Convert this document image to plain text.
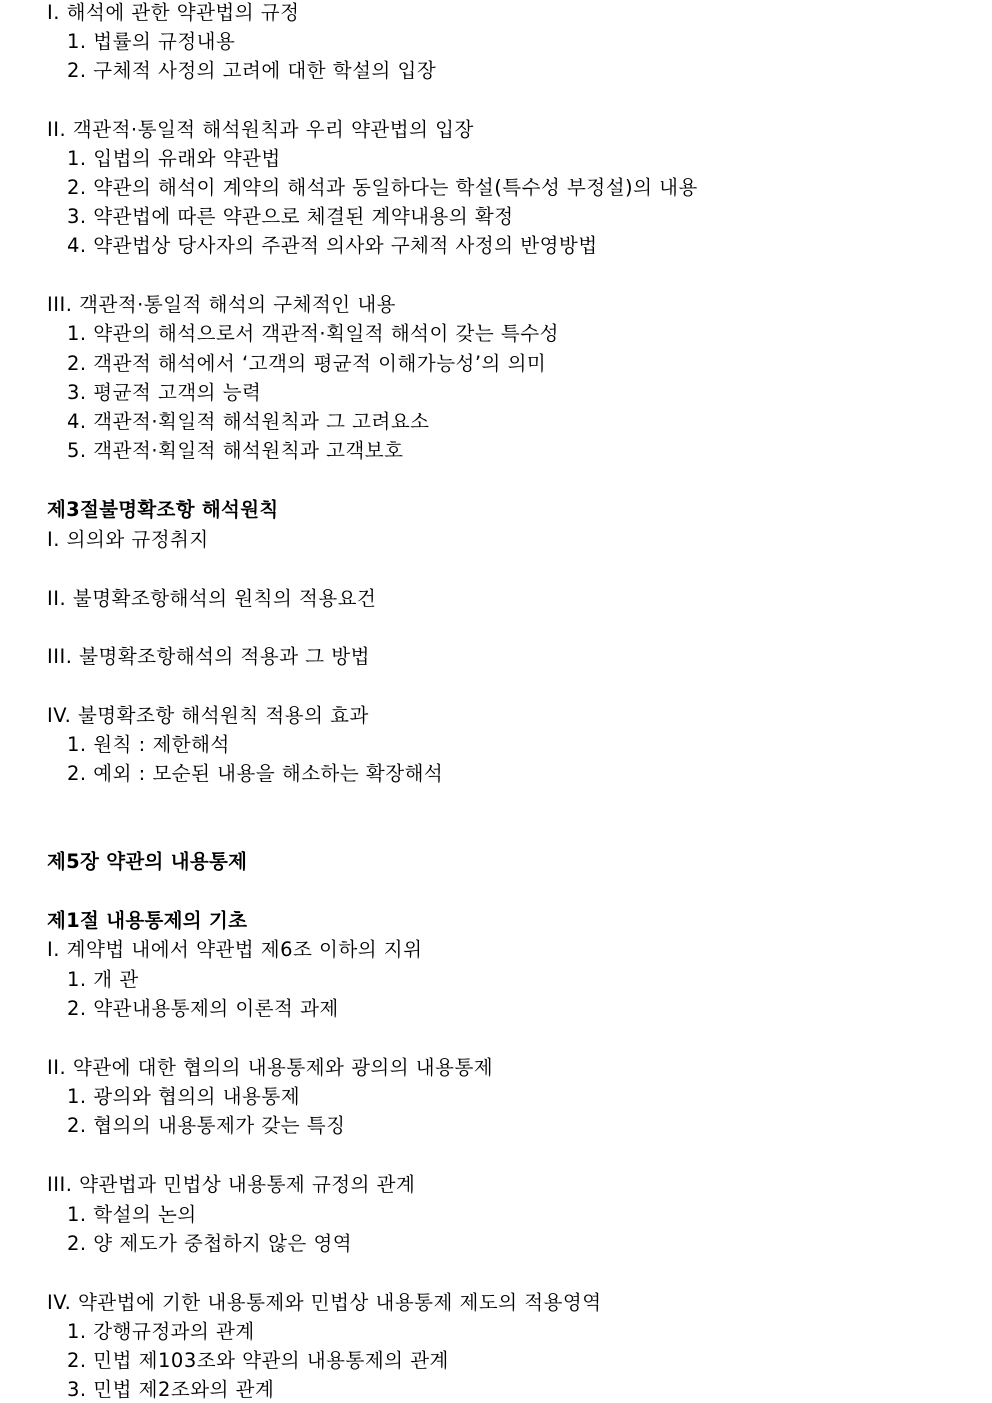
I. 해석에 관한 약관법의 규정
1. 법률의 규정내용
2. 구체적 사정의 고려에 대한 학설의 입장
II. 객관적·통일적 해석원칙과 우리 약관법의 입장
1. 입법의 유래와 약관법
2. 약관의 해석이 계약의 해석과 동일하다는 학설(특수성 부정설)의 내용
3. 약관법에 따른 약관으로 체결된 계약내용의 확정
4. 약관법상 당사자의 주관적 의사와 구체적 사정의 반영방법
III. 객관적·통일적 해석의 구체적인 내용
1. 약관의 해석으로서 객관적·획일적 해석이 갖는 특수성
2. 객관적 해석에서 ‘고객의 평균적 이해가능성’의 의미
3. 평균적 고객의 능력
4. 객관적·획일적 해석원칙과 그 고려요소
5. 객관적·획일적 해석원칙과 고객보호
제3절불명확조항 해석원칙
I. 의의와 규정취지
II. 불명확조항해석의 원칙의 적용요건
III. 불명확조항해석의 적용과 그 방법
IV. 불명확조항 해석원칙 적용의 효과
1. 원칙 : 제한해석
2. 예외 : 모순된 내용을 해소하는 확장해석
제5장 약관의 내용통제
제1절 내용통제의 기초
I. 계약법 내에서 약관법 제6조 이하의 지위
1. 개 관
2. 약관내용통제의 이론적 과제
II. 약관에 대한 협의의 내용통제와 광의의 내용통제
1. 광의와 협의의 내용통제
2. 협의의 내용통제가 갖는 특징
III. 약관법과 민법상 내용통제 규정의 관계
1. 학설의 논의
2. 양 제도가 중첩하지 않은 영역
IV. 약관법에 기한 내용통제와 민법상 내용통제 제도의 적용영역
1. 강행규정과의 관계
2. 민법 제103조와 약관의 내용통제의 관계
3. 민법 제2조와의 관계
